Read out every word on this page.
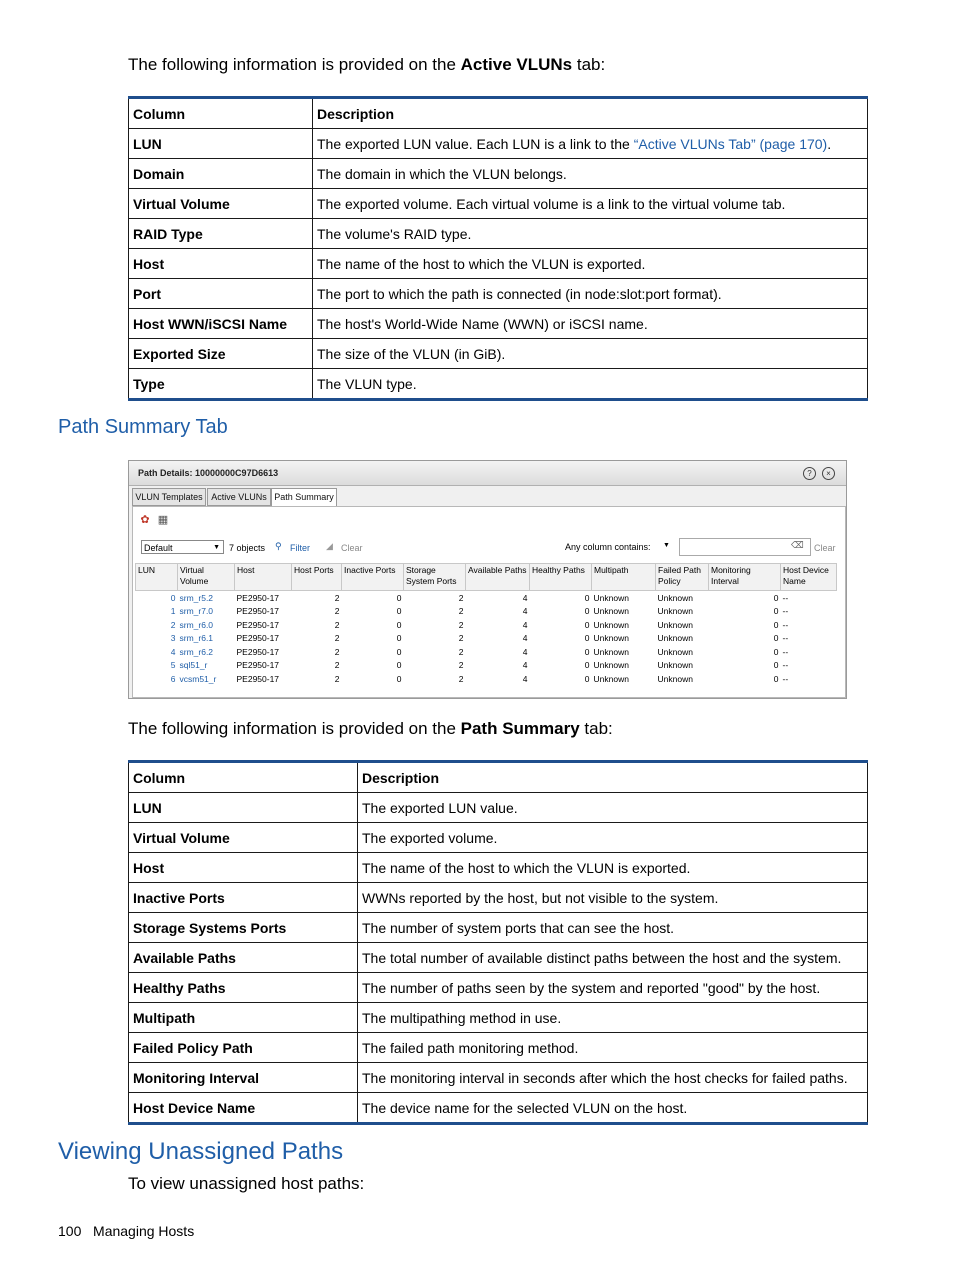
The following information is provided on the Active VLUNs tab:
Column	Description
LUN	The exported LUN value. Each LUN is a link to the “Active VLUNs Tab” (page 170).
Domain	The domain in which the VLUN belongs.
Virtual Volume	The exported volume. Each virtual volume is a link to the virtual volume tab.
RAID Type	The volume's RAID type.
Host	The name of the host to which the VLUN is exported.
Port	The port to which the path is connected (in node:slot:port format).
Host WWN/iSCSI Name	The host's World-Wide Name (WWN) or iSCSI name.
Exported Size	The size of the VLUN (in GiB).
Type	The VLUN type.
Path Summary Tab
Path Details: 10000000C97D6613	?	×
VLUN Templates Active VLUNs Path Summary
✿ ▦
Default	▼ 7 objects ⚲ Filter ◢ Clear	Any column contains: ▼	⌫ Clear
LUN	Virtual Volume	Host	Host Ports	Inactive Ports	Storage System Ports	Available Paths	Healthy Paths	Multipath	Failed Path Policy	Monitoring Interval	Host Device Name
0	srm_r5.2	PE2950-17	2	0	2	4	0	Unknown	Unknown	0	--
1	srm_r7.0	PE2950-17	2	0	2	4	0	Unknown	Unknown	0	--
2	srm_r6.0	PE2950-17	2	0	2	4	0	Unknown	Unknown	0	--
3	srm_r6.1	PE2950-17	2	0	2	4	0	Unknown	Unknown	0	--
4	srm_r6.2	PE2950-17	2	0	2	4	0	Unknown	Unknown	0	--
5	sql51_r	PE2950-17	2	0	2	4	0	Unknown	Unknown	0	--
6	vcsm51_r	PE2950-17	2	0	2	4	0	Unknown	Unknown	0	--
The following information is provided on the Path Summary tab:
Column	Description
LUN	The exported LUN value.
Virtual Volume	The exported volume.
Host	The name of the host to which the VLUN is exported.
Inactive Ports	WWNs reported by the host, but not visible to the system.
Storage Systems Ports	The number of system ports that can see the host.
Available Paths	The total number of available distinct paths between the host and the system.
Healthy Paths	The number of paths seen by the system and reported "good" by the host.
Multipath	The multipathing method in use.
Failed Policy Path	The failed path monitoring method.
Monitoring Interval	The monitoring interval in seconds after which the host checks for failed paths.
Host Device Name	The device name for the selected VLUN on the host.
Viewing Unassigned Paths
To view unassigned host paths:
100 Managing Hosts
